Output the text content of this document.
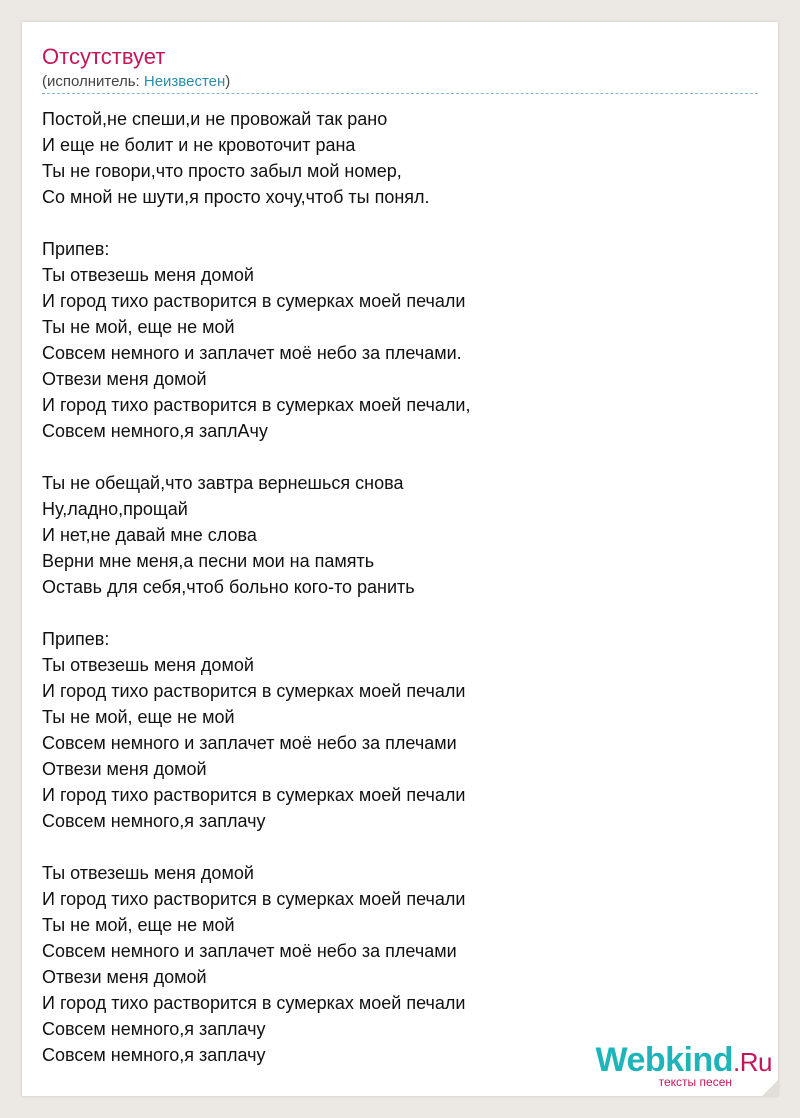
Отсутствует
(исполнитель: Неизвестен)
Постой,не спеши,и не провожай так рано
И еще не болит и не кровоточит рана
Ты не говори,что просто забыл мой номер,
Со мной не шути,я просто хочу,чтоб ты понял.
Припев:
Ты отвезешь меня домой
И город тихо растворится в сумерках моей печали
Ты не мой, еще не мой
Совсем немного и заплачет моё небо за плечами.
Отвези меня домой
И город тихо растворится в сумерках моей печали,
Совсем немного,я заплАчу
Ты не обещай,что завтра вернешься снова
Ну,ладно,прощай
И нет,не давай мне слова
Верни мне меня,а песни мои на память
Оставь для себя,чтоб больно кого-то ранить
Припев:
Ты отвезешь меня домой
И город тихо растворится в сумерках моей печали
Ты не мой, еще не мой
Совсем немного и заплачет моё небо за плечами
Отвези меня домой
И город тихо растворится в сумерках моей печали
Совсем немного,я заплачу
Ты отвезешь меня домой
И город тихо растворится в сумерках моей печали
Ты не мой, еще не мой
Совсем немного и заплачет моё небо за плечами
Отвези меня домой
И город тихо растворится в сумерках моей печали
Совсем немного,я заплачу
Совсем немного,я заплачу	Webkind.Ru
тексты песен
